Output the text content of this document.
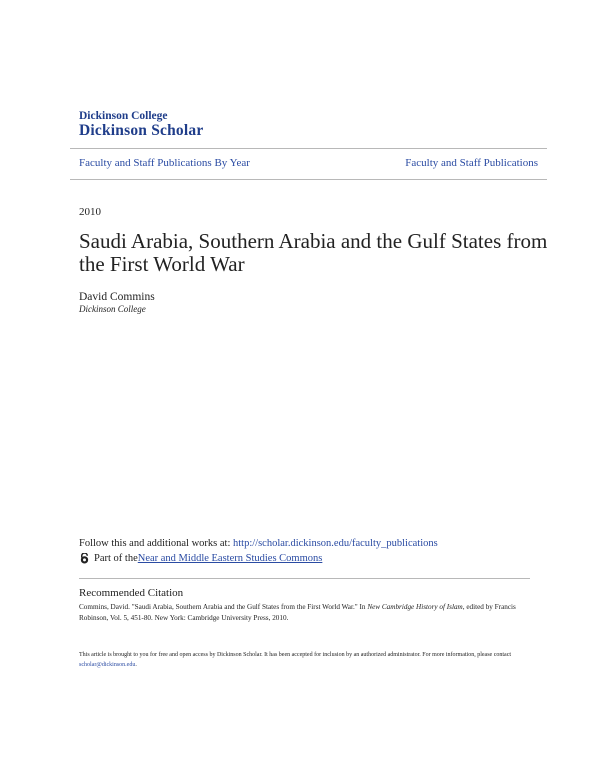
Dickinson College
Dickinson Scholar
Faculty and Staff Publications By Year	Faculty and Staff Publications
2010
Saudi Arabia, Southern Arabia and the Gulf States from the First World War
David Commins
Dickinson College
Follow this and additional works at: http://scholar.dickinson.edu/faculty_publications
Part of the Near and Middle Eastern Studies Commons
Recommended Citation
Commins, David. "Saudi Arabia, Southern Arabia and the Gulf States from the First World War." In New Cambridge History of Islam, edited by Francis Robinson, Vol. 5, 451-80. New York: Cambridge University Press, 2010.
This article is brought to you for free and open access by Dickinson Scholar. It has been accepted for inclusion by an authorized administrator. For more information, please contact scholar@dickinson.edu.
